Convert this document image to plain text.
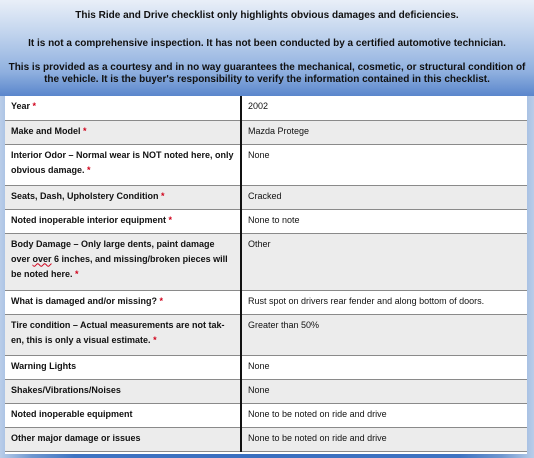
This Ride and Drive checklist only highlights obvious damages and deficiencies.
It is not a comprehensive inspection. It has not been conducted by a certified automotive technician.
This is provided as a courtesy and in no way guarantees the mechanical, cosmetic, or structural condition of the vehicle. It is the buyer's responsibility to verify the information contained in this checklist.
Year *	2002
Make and Model *	Mazda Protege
Interior Odor – Normal wear is NOT noted here, only obvious damage. *	None
Seats, Dash, Upholstery Condition *	Cracked
Noted inoperable interior equipment *	None to note
Body Damage – Only large dents, paint damage over over 6 inches, and missing/broken pieces will be noted here. *	Other
What is damaged and/or missing? *	Rust spot on drivers rear fender and along bottom of doors.
Tire condition – Actual measurements are not tak-en, this is only a visual estimate. *	Greater than 50%
Warning Lights	None
Shakes/Vibrations/Noises	None
Noted inoperable equipment	None to be noted on ride and drive
Other major damage or issues	None to be noted on ride and drive
